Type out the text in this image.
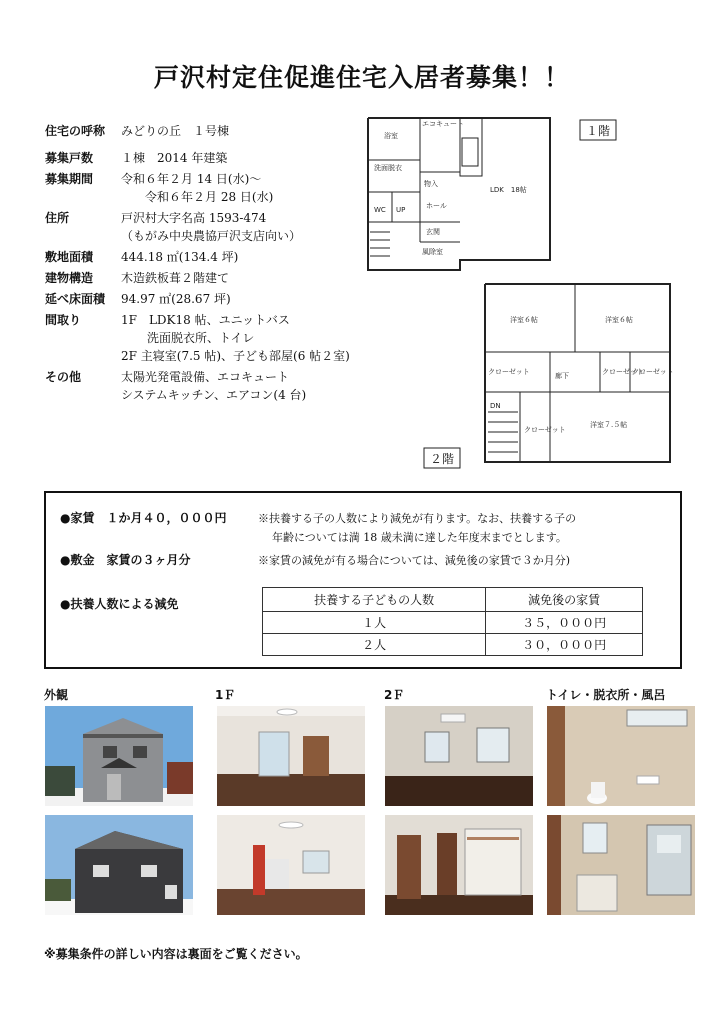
戸沢村定住促進住宅入居者募集！！
住宅の呼称	みどりの丘　１号棟
募集戸数	１棟　2014 年建築
募集期間	令和６年２月 14 日(水)～
令和６年２月 28 日(水)
住所	戸沢村大字名高 1593-474
（もがみ中央農協戸沢支店向い）
敷地面積	444.18 ㎡(134.4 坪)
建物構造	木造鉄板葺２階建て
延べ床面積	94.97 ㎡(28.67 坪)
間取り	1F　LDK18 帖、ユニットバス
洗面脱衣所、トイレ
2F 主寝室(7.5 帖)、子ども部屋(6 帖２室)
その他	太陽光発電設備、エコキュート
システムキッチン、エアコン(4 台)
浴室
洗面脱衣
WC UP	ホール
玄関
LDK　18帖
物入
風除室
エコキュート
洋室６帖	洋室６帖
洋室７.５帖
廊下
クローゼット	クローゼット
クローゼット
クローゼット
DN
１階
２階
●家賃　１か月４０，０００円	※扶養する子の人数により減免が有ります。なお、扶養する子の
年齢については満 18 歳未満に達した年度末までとします。
●敷金　家賃の３ヶ月分	※家賃の減免が有る場合については、減免後の家賃で３か月分)
●扶養人数による減免	扶養する子どもの人数	減免後の家賃
１人	３５，０００円
２人	３０，０００円
外観	1Ｆ	2Ｆ	トイレ・脱衣所・風呂
※募集条件の詳しい内容は裏面をご覧ください。
